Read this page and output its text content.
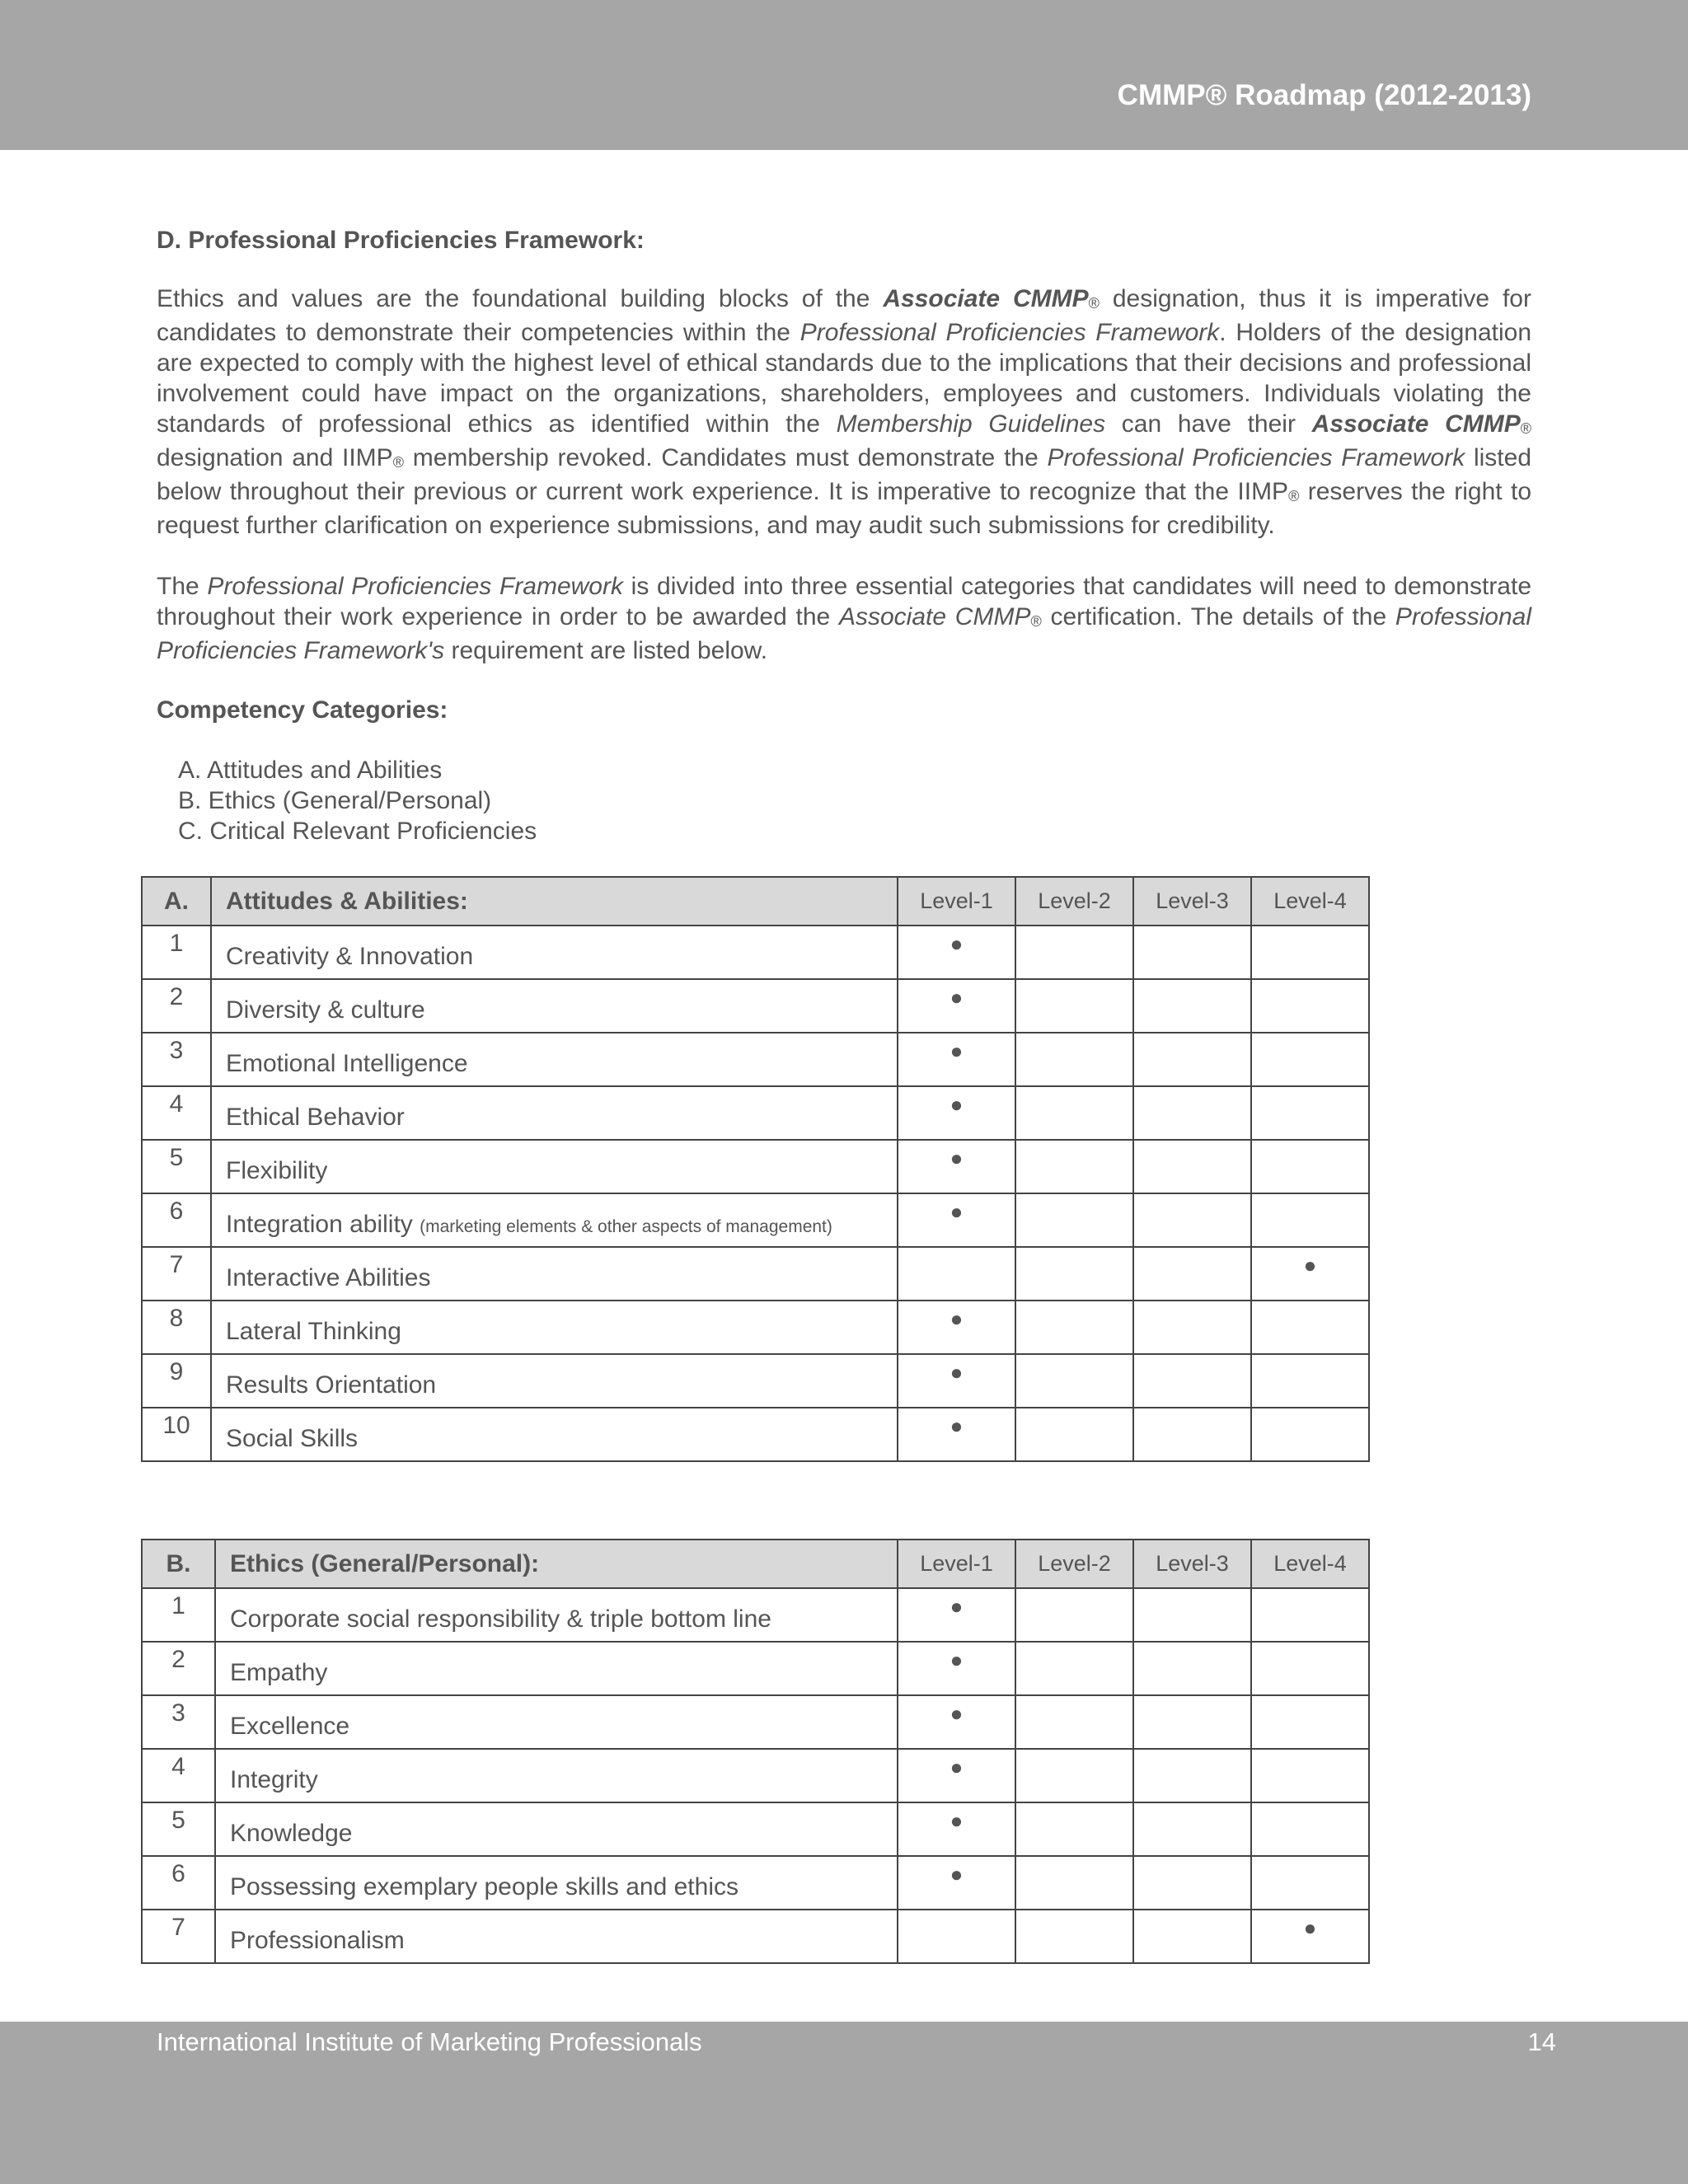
CMMP® Roadmap (2012-2013)
D. Professional Proficiencies Framework:

Ethics and values are the foundational building blocks of the Associate CMMP® designation, thus it is imperative for candidates to demonstrate their competencies within the Professional Proficiencies Framework. Holders of the designation are expected to comply with the highest level of ethical standards due to the implications that their decisions and professional involvement could have impact on the organizations, shareholders, employees and customers. Individuals violating the standards of professional ethics as identified within the Membership Guidelines can have their Associate CMMP® designation and IIMP® membership revoked. Candidates must demonstrate the Professional Proficiencies Framework listed below throughout their previous or current work experience. It is imperative to recognize that the IIMP® reserves the right to request further clarification on experience submissions, and may audit such submissions for credibility.

The Professional Proficiencies Framework is divided into three essential categories that candidates will need to demonstrate throughout their work experience in order to be awarded the Associate CMMP® certification. The details of the Professional Proficiencies Framework's requirement are listed below.

Competency Categories:
A. Attitudes and Abilities
B. Ethics (General/Personal)
C. Critical Relevant Proficiencies
A.	Attitudes & Abilities:	Level-1	Level-2	Level-3	Level-4
1	Creativity & Innovation	●			
2	Diversity & culture	●			
3	Emotional Intelligence	●			
4	Ethical Behavior	●			
5	Flexibility	●			
6	Integration ability (marketing elements & other aspects of management)	●			
7	Interactive Abilities				●
8	Lateral Thinking	●			
9	Results Orientation	●			
10	Social Skills	●			
B.	Ethics (General/Personal):	Level-1	Level-2	Level-3	Level-4
1	Corporate social responsibility & triple bottom line	●			
2	Empathy	●			
3	Excellence	●			
4	Integrity	●			
5	Knowledge	●			
6	Possessing exemplary people skills and ethics	●			
7	Professionalism				●
International Institute of Marketing Professionals	14
